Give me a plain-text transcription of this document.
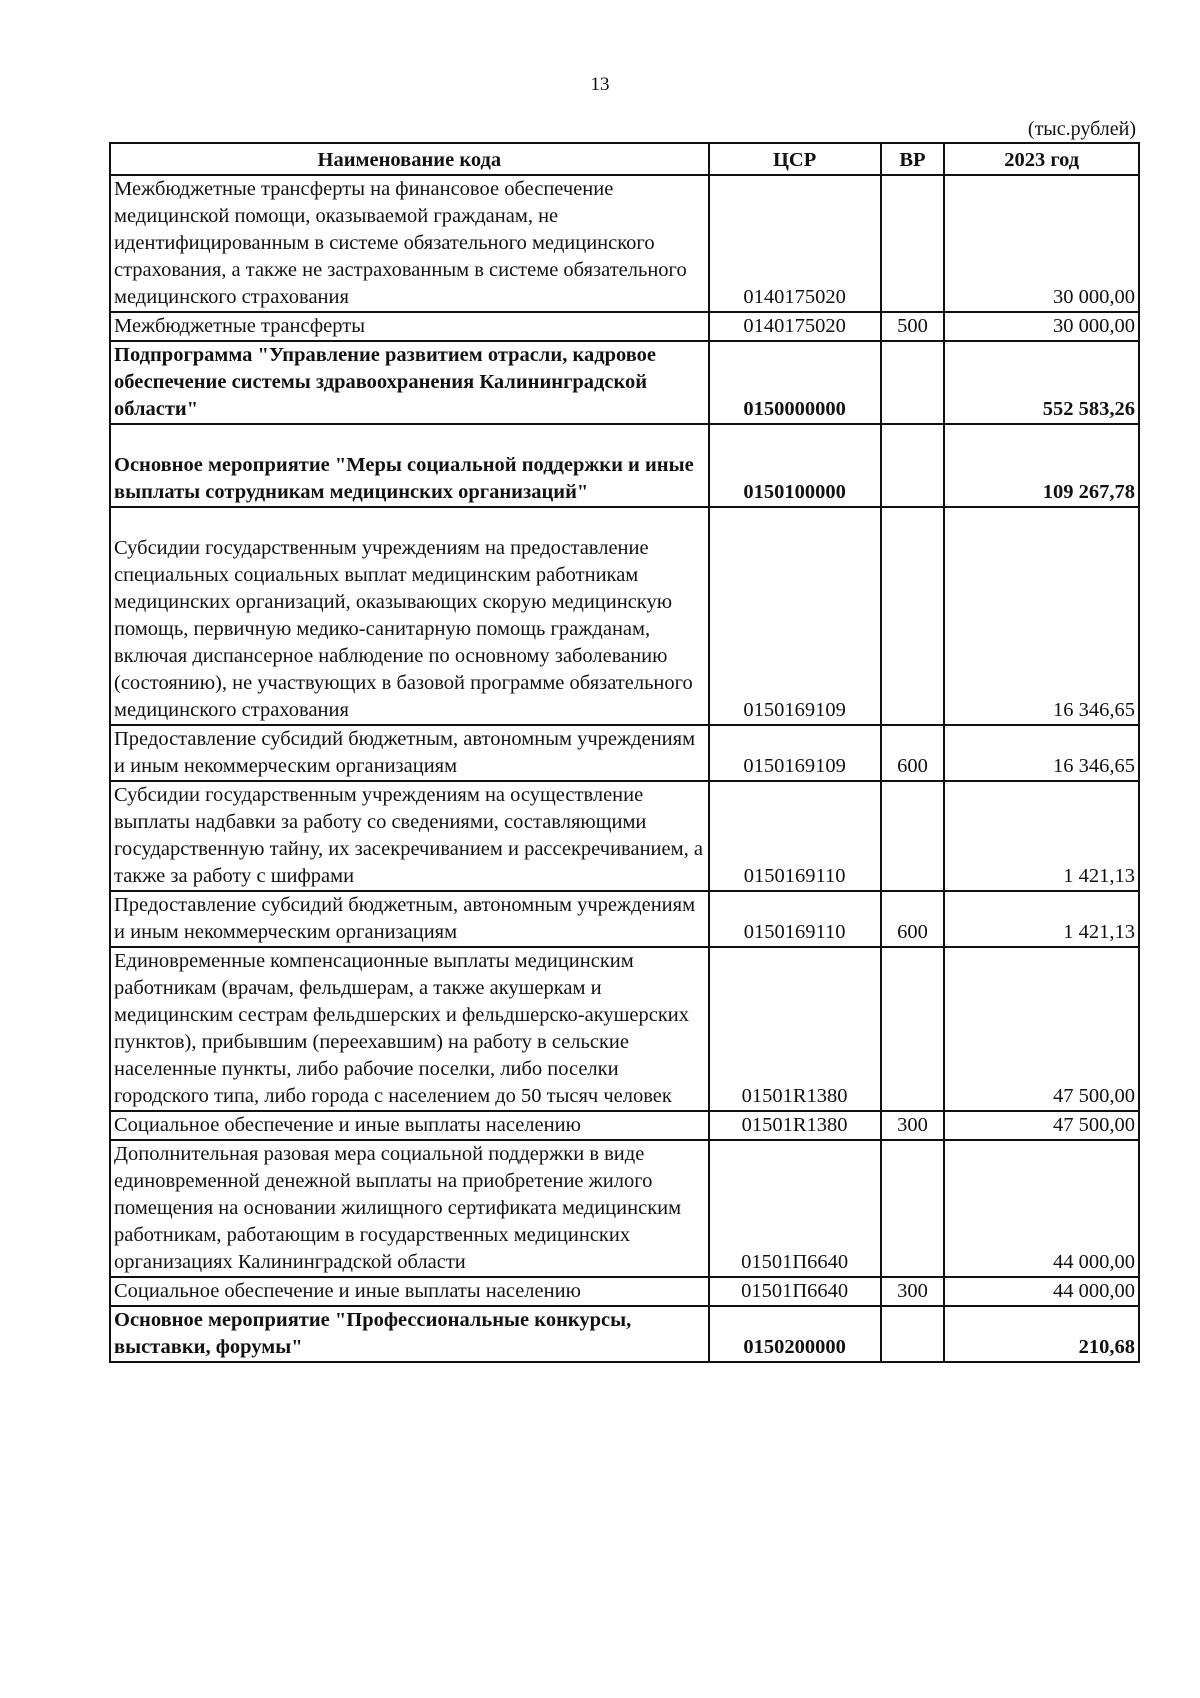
13
(тыс.рублей)
Наименование кода	ЦСР	ВР	2023 год
Межбюджетные трансферты на финансовое обеспечение медицинской помощи, оказываемой гражданам, не идентифицированным в системе обязательного медицинского страхования, а также не застрахованным в системе обязательного медицинского страхования	0140175020		30 000,00
Межбюджетные трансферты	0140175020	500	30 000,00
Подпрограмма "Управление развитием отрасли, кадровое обеспечение системы здравоохранения Калининградской области"	0150000000		552 583,26
Основное мероприятие "Меры социальной поддержки и иные выплаты сотрудникам медицинских организаций"	0150100000		109 267,78
Субсидии государственным учреждениям на предоставление специальных социальных выплат медицинским работникам медицинских организаций, оказывающих скорую медицинскую помощь, первичную медико-санитарную помощь гражданам, включая диспансерное наблюдение по основному заболеванию (состоянию), не участвующих в базовой программе обязательного медицинского страхования	0150169109		16 346,65
Предоставление субсидий бюджетным, автономным учреждениям и иным некоммерческим организациям	0150169109	600	16 346,65
Субсидии государственным учреждениям на осуществление выплаты надбавки за работу со сведениями, составляющими государственную тайну, их засекречиванием и рассекречиванием, а также за работу с шифрами	0150169110		1 421,13
Предоставление субсидий бюджетным, автономным учреждениям и иным некоммерческим организациям	0150169110	600	1 421,13
Единовременные компенсационные выплаты медицинским работникам (врачам, фельдшерам, а также акушеркам и медицинским сестрам фельдшерских и фельдшерско-акушерских пунктов), прибывшим (переехавшим) на работу в сельские населенные пункты, либо рабочие поселки, либо поселки городского типа, либо города с населением до 50 тысяч человек	01501R1380		47 500,00
Социальное обеспечение и иные выплаты населению	01501R1380	300	47 500,00
Дополнительная разовая мера социальной поддержки в виде единовременной денежной выплаты на приобретение жилого помещения на основании жилищного сертификата медицинским работникам, работающим в государственных медицинских организациях Калининградской области	01501П6640		44 000,00
Социальное обеспечение и иные выплаты населению	01501П6640	300	44 000,00
Основное мероприятие "Профессиональные конкурсы, выставки, форумы"	0150200000		210,68
